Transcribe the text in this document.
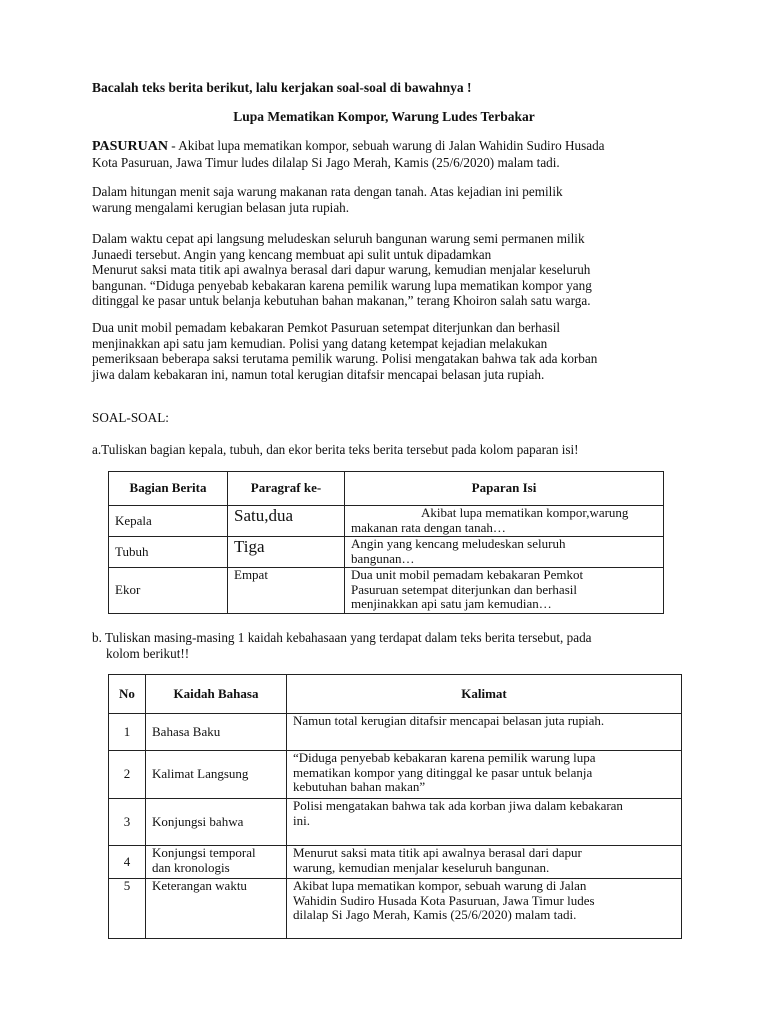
Bacalah teks berita berikut, lalu kerjakan soal-soal di bawahnya !
Lupa Mematikan Kompor, Warung Ludes Terbakar
PASURUAN - Akibat lupa mematikan kompor, sebuah warung di Jalan Wahidin Sudiro Husada
Kota Pasuruan, Jawa Timur ludes dilalap Si Jago Merah, Kamis (25/6/2020) malam tadi.
Dalam hitungan menit saja warung makanan rata dengan tanah. Atas kejadian ini pemilik
warung mengalami kerugian belasan juta rupiah.
Dalam waktu cepat api langsung meludeskan seluruh bangunan warung semi permanen milik
Junaedi tersebut. Angin yang kencang membuat api sulit untuk dipadamkan
Menurut saksi mata titik api awalnya berasal dari dapur warung, kemudian menjalar keseluruh
bangunan. “Diduga penyebab kebakaran karena pemilik warung lupa mematikan kompor yang
ditinggal ke pasar untuk belanja kebutuhan bahan makanan,” terang Khoiron salah satu warga.
Dua unit mobil pemadam kebakaran Pemkot Pasuruan setempat diterjunkan dan berhasil
menjinakkan api satu jam kemudian. Polisi yang datang ketempat kejadian melakukan
pemeriksaan beberapa saksi terutama pemilik warung. Polisi mengatakan bahwa tak ada korban
jiwa dalam kebakaran ini, namun total kerugian ditafsir mencapai belasan juta rupiah.
SOAL-SOAL:
a.Tuliskan bagian kepala, tubuh, dan ekor berita teks berita tersebut pada kolom paparan isi!
Bagian Berita	Paragraf ke-	Paparan Isi
Kepala	Satu,dua	Akibat lupa mematikan kompor,warung
makanan rata dengan tanah…
Tubuh	Tiga	Angin yang kencang meludeskan seluruh
bangunan…
Ekor	Empat	Dua unit mobil pemadam kebakaran Pemkot
Pasuruan setempat diterjunkan dan berhasil
menjinakkan api satu jam kemudian…
b. Tuliskan masing-masing 1 kaidah kebahasaan yang terdapat dalam teks berita tersebut, pada
kolom berikut!!
No	Kaidah Bahasa	Kalimat
1	Bahasa Baku	Namun total kerugian ditafsir mencapai belasan juta rupiah.
2	Kalimat Langsung	“Diduga penyebab kebakaran karena pemilik warung lupa
mematikan kompor yang ditinggal ke pasar untuk belanja
kebutuhan bahan makan”
3	Konjungsi bahwa	Polisi mengatakan bahwa tak ada korban jiwa dalam kebakaran
ini.
4	Konjungsi temporal
dan kronologis	Menurut saksi mata titik api awalnya berasal dari dapur
warung, kemudian menjalar keseluruh bangunan.
5	Keterangan waktu	Akibat lupa mematikan kompor, sebuah warung di Jalan
Wahidin Sudiro Husada Kota Pasuruan, Jawa Timur ludes
dilalap Si Jago Merah, Kamis (25/6/2020) malam tadi.
